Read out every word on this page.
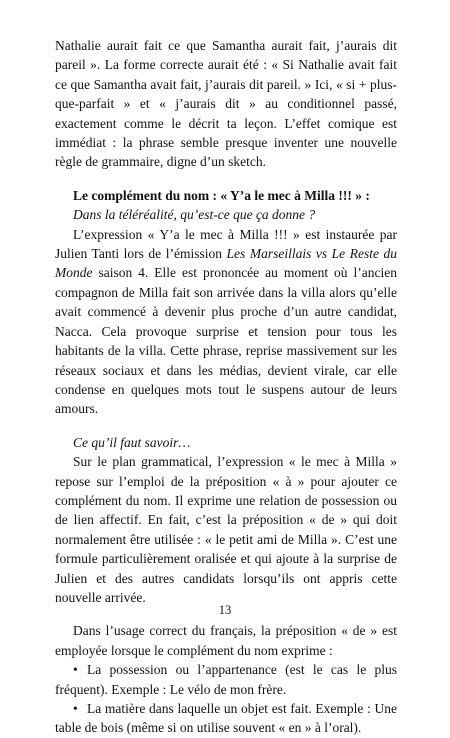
Nathalie aurait fait ce que Samantha aurait fait, j’aurais dit pareil ». La forme correcte aurait été : « Si Nathalie avait fait ce que Samantha avait fait, j’aurais dit pareil. » Ici, « si + plus-que-parfait » et « j’aurais dit » au conditionnel passé, exactement comme le décrit ta leçon. L’effet comique est immédiat : la phrase semble presque inventer une nouvelle règle de grammaire, digne d’un sketch.

Le complément du nom : « Y’a le mec à Milla !!! » :

Dans la téléréalité, qu’est-ce que ça donne ?

L’expression « Y’a le mec à Milla !!! » est instaurée par Julien Tanti lors de l’émission Les Marseillais vs Le Reste du Monde saison 4. Elle est prononcée au moment où l’ancien compagnon de Milla fait son arrivée dans la villa alors qu’elle avait commencé à devenir plus proche d’un autre candidat, Nacca. Cela provoque surprise et tension pour tous les habitants de la villa. Cette phrase, reprise massivement sur les réseaux sociaux et dans les médias, devient virale, car elle condense en quelques mots tout le suspens autour de leurs amours.

Ce qu’il faut savoir…

Sur le plan grammatical, l’expression « le mec à Milla » repose sur l’emploi de la préposition « à » pour ajouter ce complément du nom. Il exprime une relation de possession ou de lien affectif. En fait, c’est la préposition « de » qui doit normalement être utilisée : « le petit ami de Milla ». C’est une formule particulièrement oralisée et qui ajoute à la surprise de Julien et des autres candidats lorsqu’ils ont appris cette nouvelle arrivée.

Dans l’usage correct du français, la préposition « de » est employée lorsque le complément du nom exprime :

• La possession ou l’appartenance (est le cas le plus fréquent). Exemple : Le vélo de mon frère.
• La matière dans laquelle un objet est fait. Exemple : Une table de bois (même si on utilise souvent « en » à l’oral).
13
